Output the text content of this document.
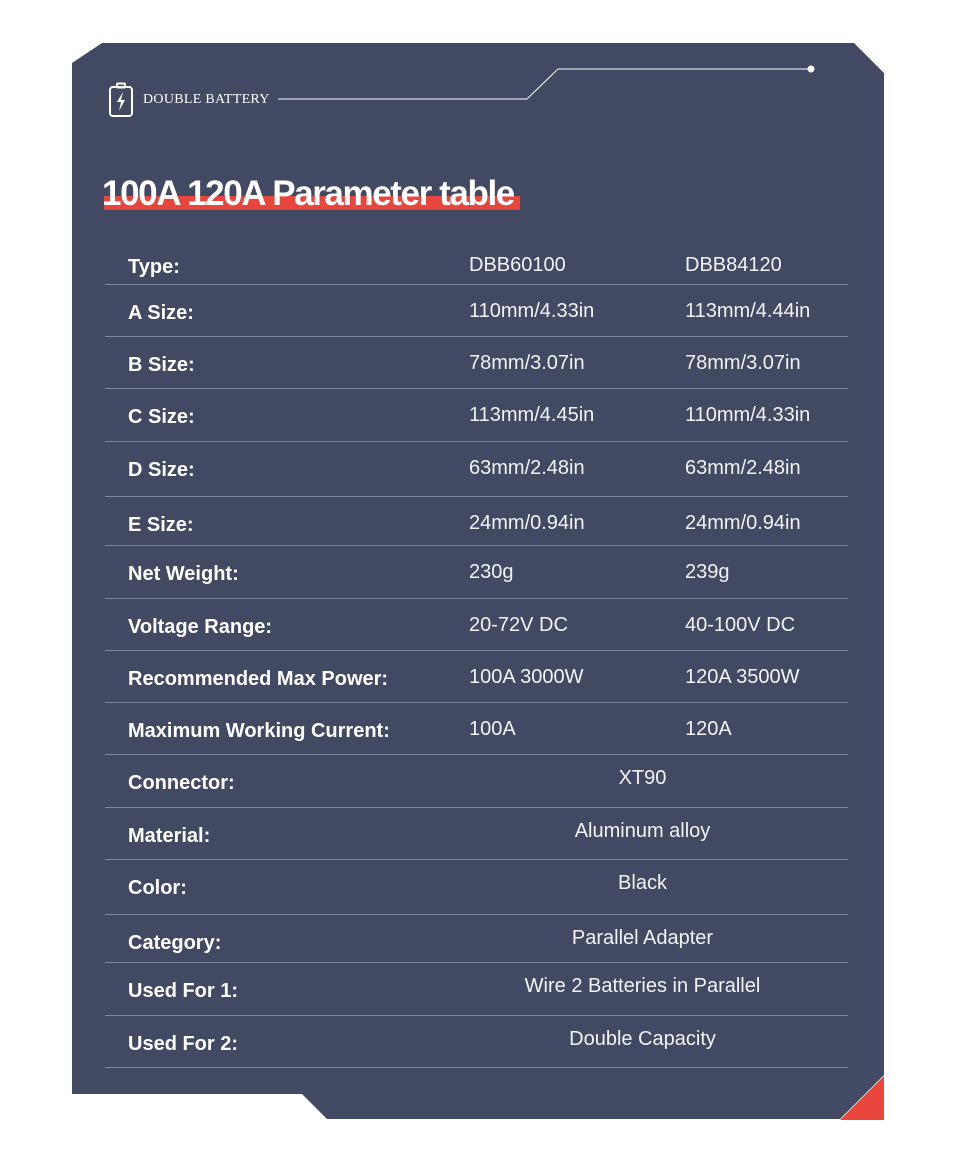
DOUBLE BATTERY
100A 120A Parameter table
Type:	DBB60100	DBB84120
A Size:	110mm/4.33in	113mm/4.44in
B Size:	78mm/3.07in	78mm/3.07in
C Size:	113mm/4.45in	110mm/4.33in
D Size:	63mm/2.48in	63mm/2.48in
E Size:	24mm/0.94in	24mm/0.94in
Net Weight:	230g	239g
Voltage Range:	20-72V DC	40-100V DC
Recommended Max Power:	100A 3000W	120A 3500W
Maximum Working Current:	100A	120A
Connector:	XT90
Material:	Aluminum alloy
Color:	Black
Category:	Parallel Adapter
Used For 1:	Wire 2 Batteries in Parallel
Used For 2:	Double Capacity
